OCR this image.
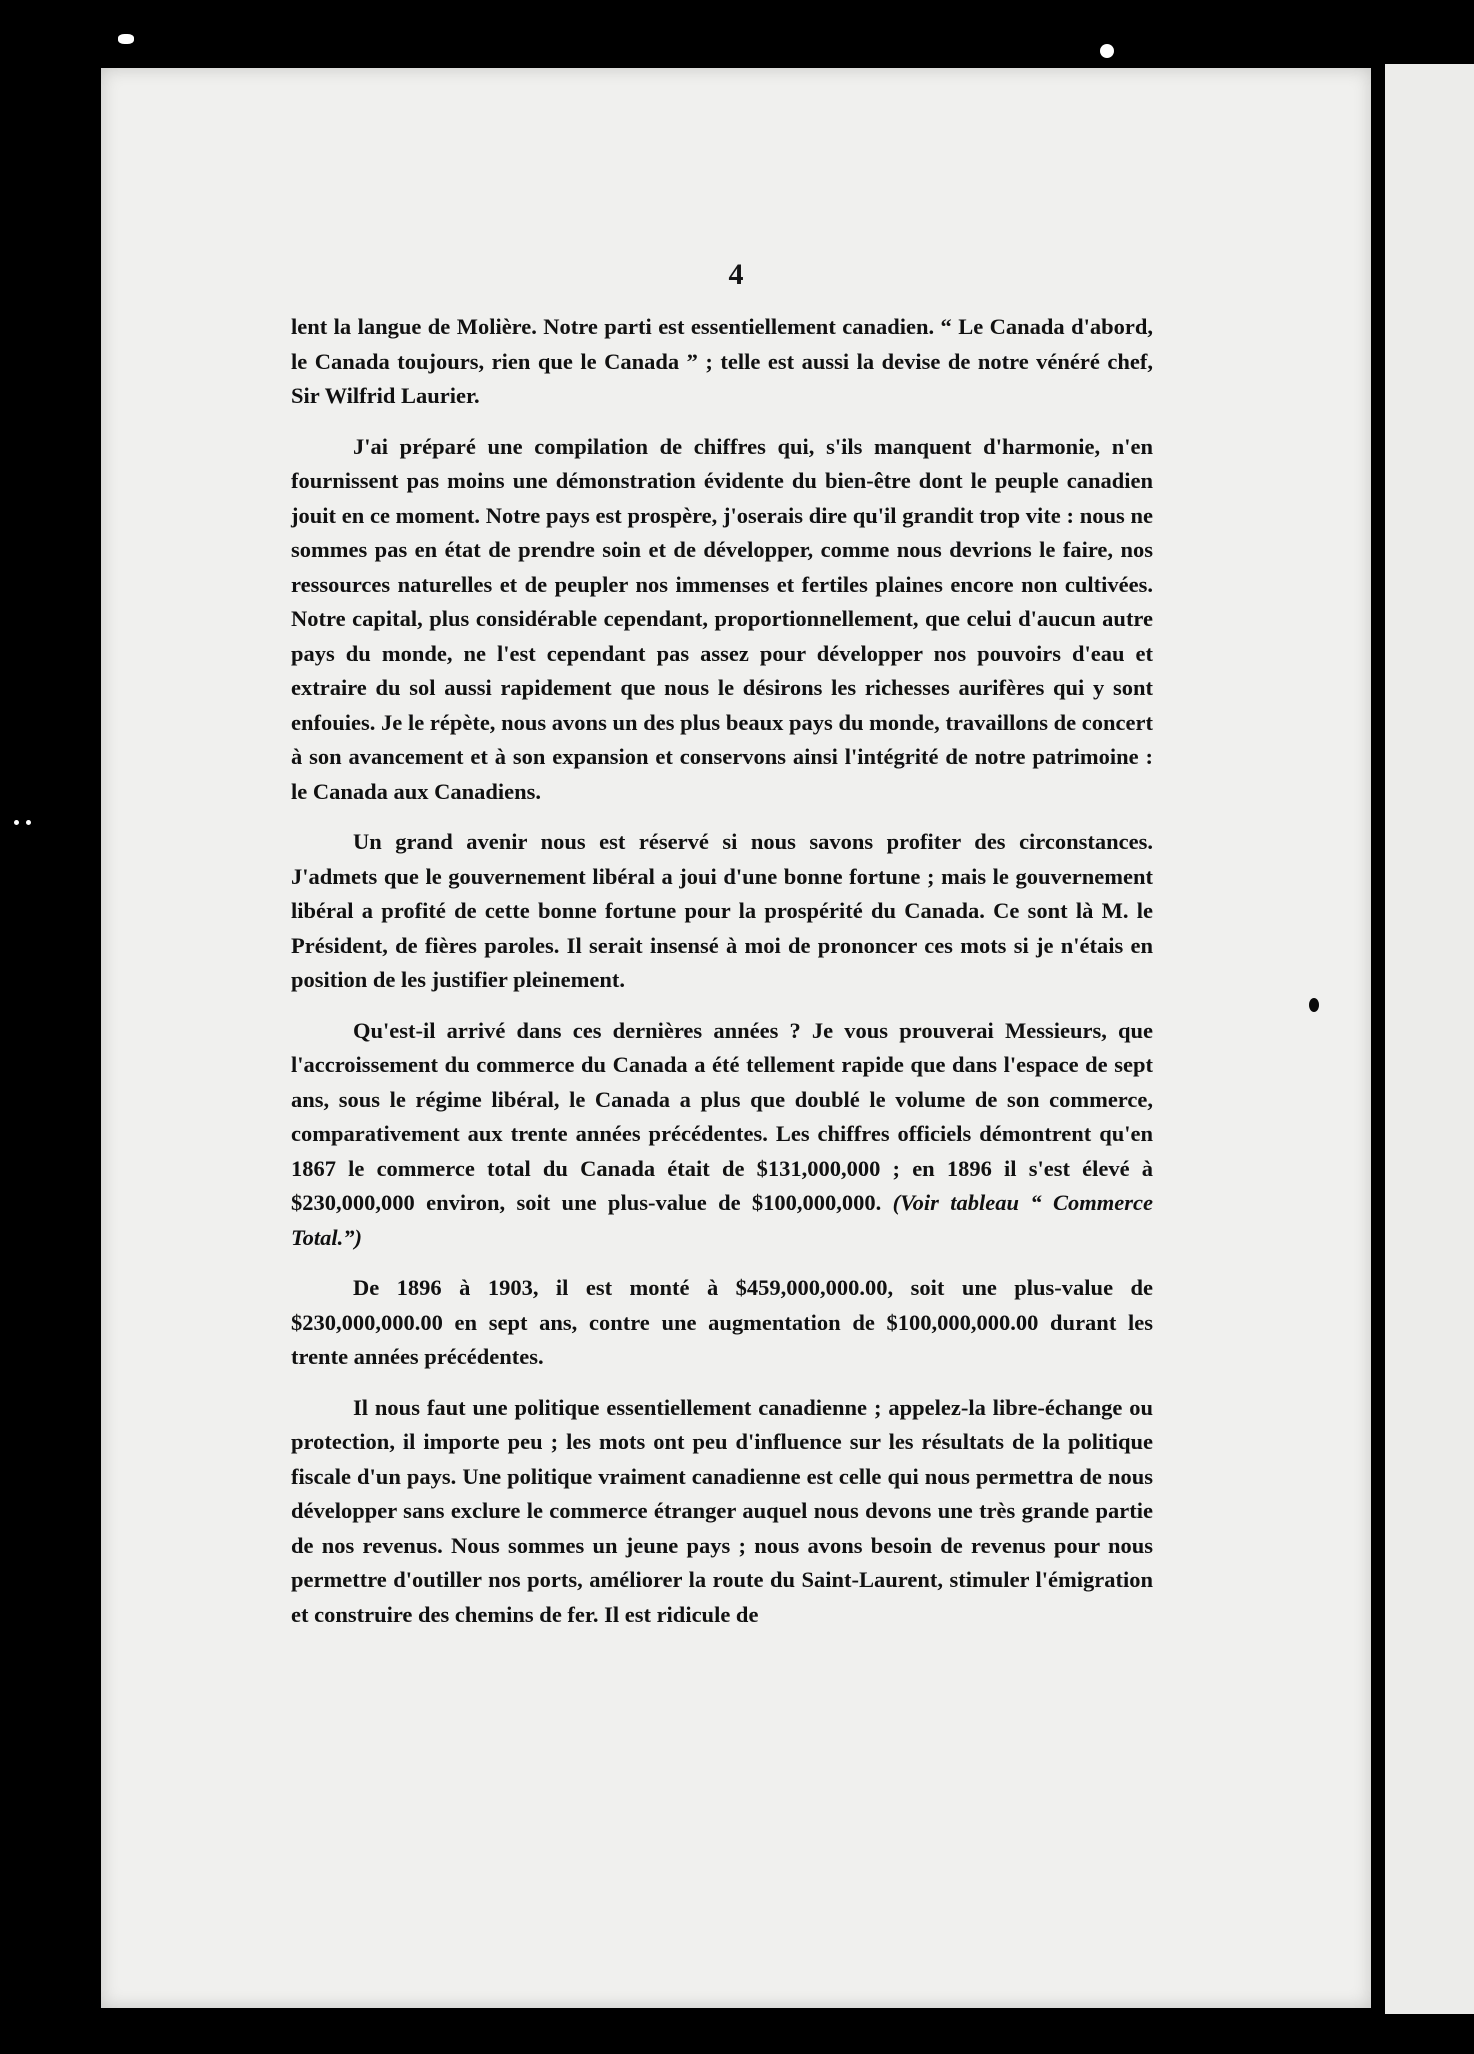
4

lent la langue de Molière. Notre parti est essentiellement canadien. “ Le Canada d'abord, le Canada toujours, rien que le Canada ” ; telle est aussi la devise de notre vénéré chef, Sir Wilfrid Laurier.

J'ai préparé une compilation de chiffres qui, s'ils manquent d'harmonie, n'en fournissent pas moins une démonstration évidente du bien-être dont le peuple canadien jouit en ce moment. Notre pays est prospère, j'oserais dire qu'il grandit trop vite : nous ne sommes pas en état de prendre soin et de développer, comme nous devrions le faire, nos ressources naturelles et de peupler nos immenses et fertiles plaines encore non cultivées. Notre capital, plus considérable cependant, proportionnellement, que celui d'aucun autre pays du monde, ne l'est cependant pas assez pour développer nos pouvoirs d'eau et extraire du sol aussi rapidement que nous le désirons les richesses aurifères qui y sont enfouies. Je le répète, nous avons un des plus beaux pays du monde, travaillons de concert à son avancement et à son expansion et conservons ainsi l'intégrité de notre patrimoine : le Canada aux Canadiens.

Un grand avenir nous est réservé si nous savons profiter des circonstances. J'admets que le gouvernement libéral a joui d'une bonne fortune ; mais le gouvernement libéral a profité de cette bonne fortune pour la prospérité du Canada. Ce sont là M. le Président, de fières paroles. Il serait insensé à moi de prononcer ces mots si je n'étais en position de les justifier pleinement.

Qu'est-il arrivé dans ces dernières années ? Je vous prouverai Messieurs, que l'accroissement du commerce du Canada a été tellement rapide que dans l'espace de sept ans, sous le régime libéral, le Canada a plus que doublé le volume de son commerce, comparativement aux trente années précédentes. Les chiffres officiels démontrent qu'en 1867 le commerce total du Canada était de $131,000,000 ; en 1896 il s'est élevé à $230,000,000 environ, soit une plus-value de $100,000,000. (Voir tableau “ Commerce Total.”)

De 1896 à 1903, il est monté à $459,000,000.00, soit une plus-value de $230,000,000.00 en sept ans, contre une augmentation de $100,000,000.00 durant les trente années précédentes.

Il nous faut une politique essentiellement canadienne ; appelez-la libre-échange ou protection, il importe peu ; les mots ont peu d'influence sur les résultats de la politique fiscale d'un pays. Une politique vraiment canadienne est celle qui nous permettra de nous développer sans exclure le commerce étranger auquel nous devons une très grande partie de nos revenus. Nous sommes un jeune pays ; nous avons besoin de revenus pour nous permettre d'outiller nos ports, améliorer la route du Saint-Laurent, stimuler l'émigration et construire des chemins de fer. Il est ridicule de
